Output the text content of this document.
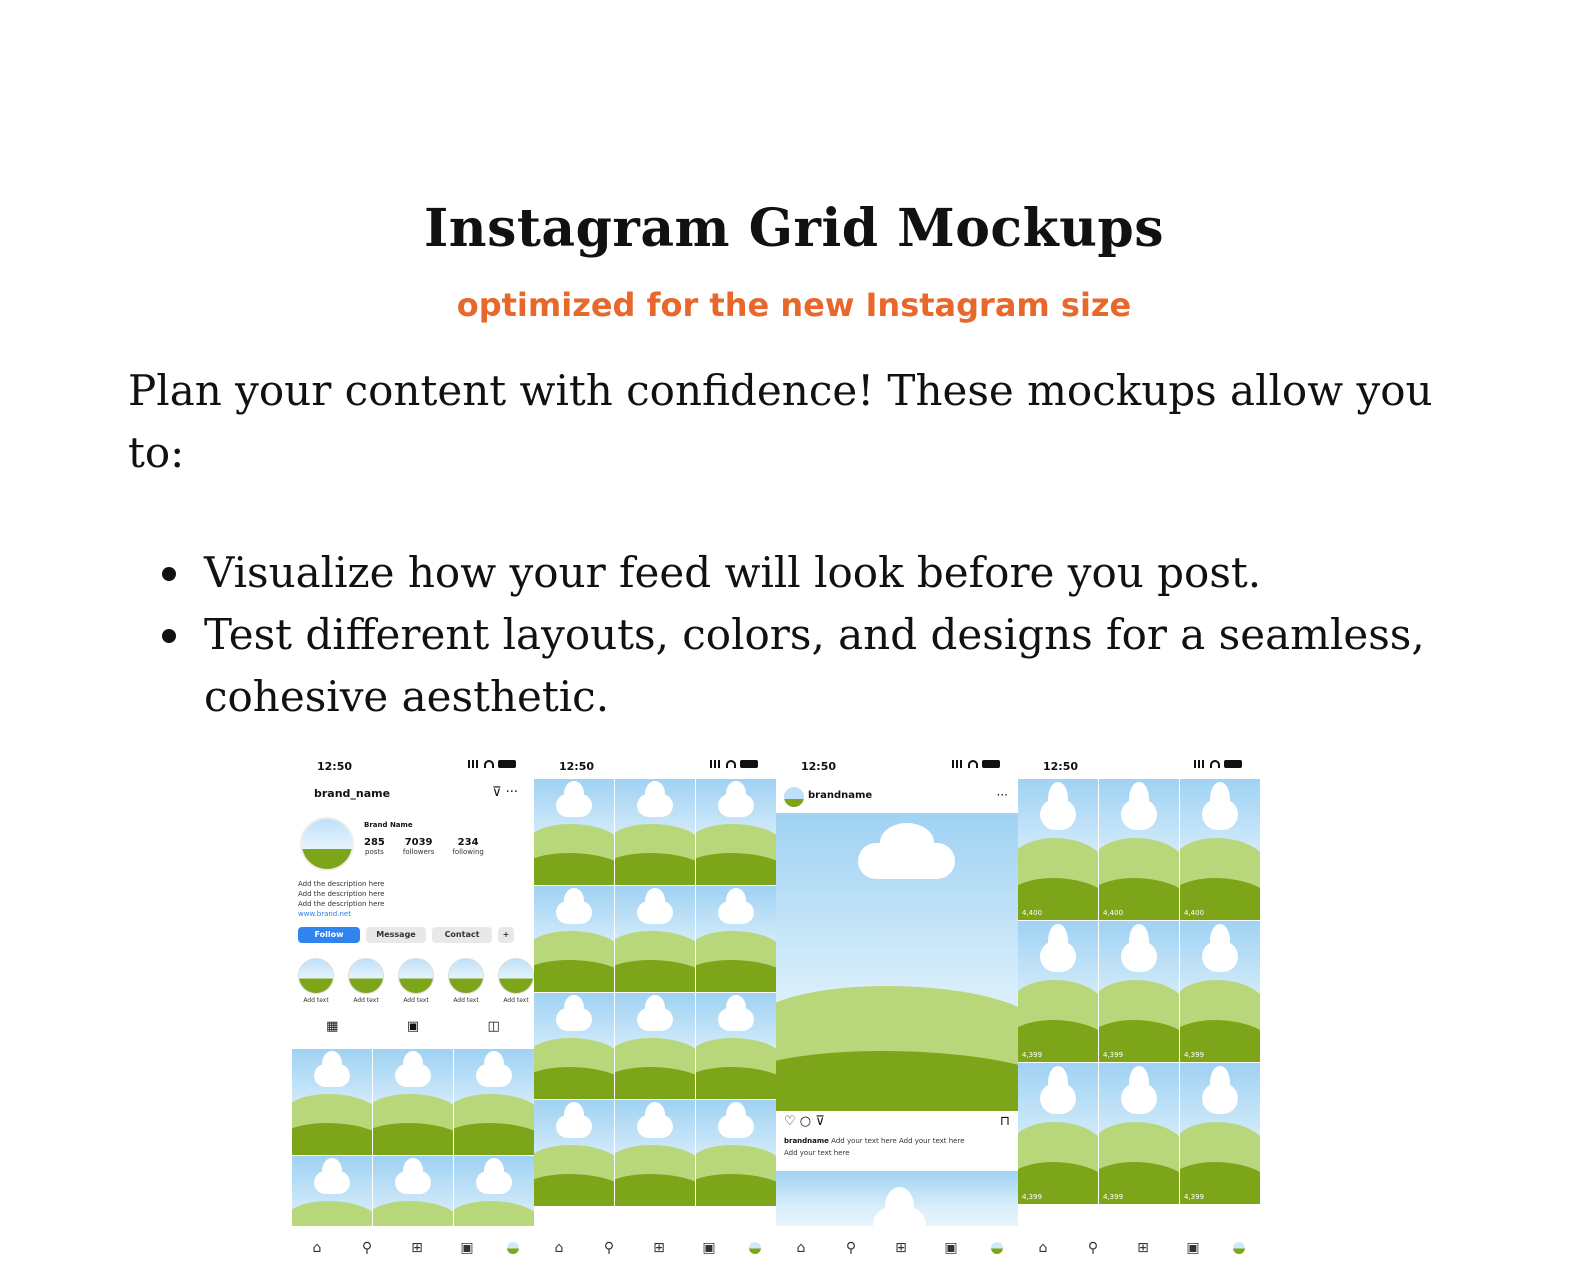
Instagram Grid Mockups
optimized for the new Instagram size
Plan your content with confidence! These mockups allow you to:
Visualize how your feed will look before you post.
Test different layouts, colors, and designs for a seamless, cohesive aesthetic.
12:50
brand_name	⊽ ···
Brand Name
285
posts
7039
followers
234
following
Add the description here
Add the description here
Add the description here
www.brand.net
Follow	Message	Contact	+
Add text	Add text	Add text	Add text	Add text
▦	▣	◫
⌂	⚲	⊞	▣
12:50
⌂	⚲	⊞	▣
12:50
brandname	···
♡ ○ ⊽	⊓
brandname Add your text here Add your text here
Add your text here
⌂	⚲	⊞	▣
12:50
4,400	4,400	4,400
4,399	4,399	4,399
4,399	4,399	4,399
⌂	⚲	⊞	▣
